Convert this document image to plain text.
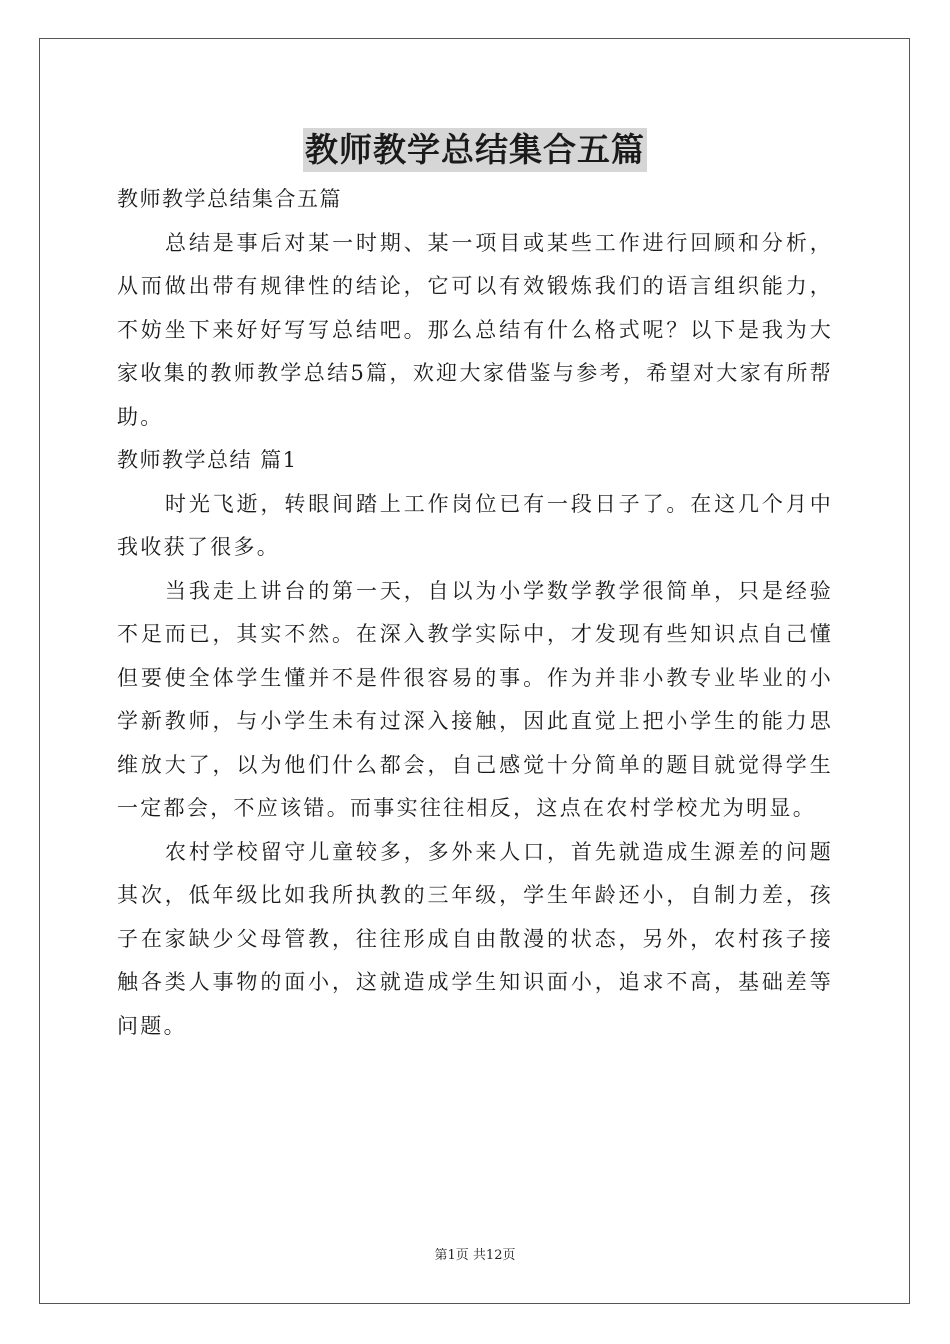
教师教学总结集合五篇

教师教学总结集合五篇

总结是事后对某一时期、某一项目或某些工作进行回顾和分析，从而做出带有规律性的结论，它可以有效锻炼我们的语言组织能力，不妨坐下来好好写写总结吧。那么总结有什么格式呢？以下是我为大家收集的教师教学总结5篇，欢迎大家借鉴与参考，希望对大家有所帮助。

教师教学总结 篇1

时光飞逝，转眼间踏上工作岗位已有一段日子了。在这几个月中我收获了很多。

当我走上讲台的第一天，自以为小学数学教学很简单，只是经验不足而已，其实不然。在深入教学实际中，才发现有些知识点自己懂但要使全体学生懂并不是件很容易的事。作为并非小教专业毕业的小学新教师，与小学生未有过深入接触，因此直觉上把小学生的能力思维放大了，以为他们什么都会，自己感觉十分简单的题目就觉得学生一定都会，不应该错。而事实往往相反，这点在农村学校尤为明显。

农村学校留守儿童较多，多外来人口，首先就造成生源差的问题其次，低年级比如我所执教的三年级，学生年龄还小，自制力差，孩子在家缺少父母管教，往往形成自由散漫的状态，另外，农村孩子接触各类人事物的面小，这就造成学生知识面小，追求不高，基础差等问题。

第1页 共12页
